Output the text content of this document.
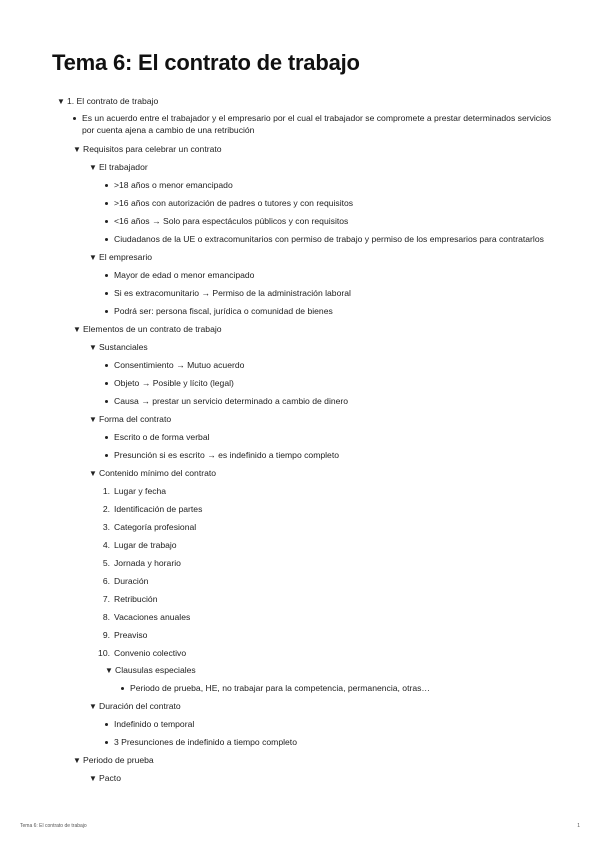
Tema 6: El contrato de trabajo
▼ 1. El contrato de trabajo
Es un acuerdo entre el trabajador y el empresario por el cual el trabajador se compromete a prestar determinados servicios por cuenta ajena a cambio de una retribución
▼ Requisitos para celebrar un contrato
▼ El trabajador
>18 años o menor emancipado
>16 años con autorización de padres o tutores y con requisitos
<16 años → Solo para espectáculos públicos y con requisitos
Ciudadanos de la UE o extracomunitarios con permiso de trabajo y permiso de los empresarios para contratarlos
▼ El empresario
Mayor de edad o menor emancipado
Si es extracomunitario → Permiso de la administración laboral
Podrá ser: persona fiscal, jurídica o comunidad de bienes
▼ Elementos de un contrato de trabajo
▼ Sustanciales
Consentimiento → Mutuo acuerdo
Objeto → Posible y lícito (legal)
Causa → prestar un servicio determinado a cambio de dinero
▼ Forma del contrato
Escrito o de forma verbal
Presunción si es escrito → es indefinido a tiempo completo
▼ Contenido mínimo del contrato
1. Lugar y fecha
2. Identificación de partes
3. Categoría profesional
4. Lugar de trabajo
5. Jornada y horario
6. Duración
7. Retribución
8. Vacaciones anuales
9. Preaviso
10. Convenio colectivo
▼ Clausulas especiales
Periodo de prueba, HE, no trabajar para la competencia, permanencia, otras…
▼ Duración del contrato
Indefinido o temporal
3 Presunciones de indefinido a tiempo completo
▼ Periodo de prueba
▼ Pacto
Tema 6: El contrato de trabajo	1
